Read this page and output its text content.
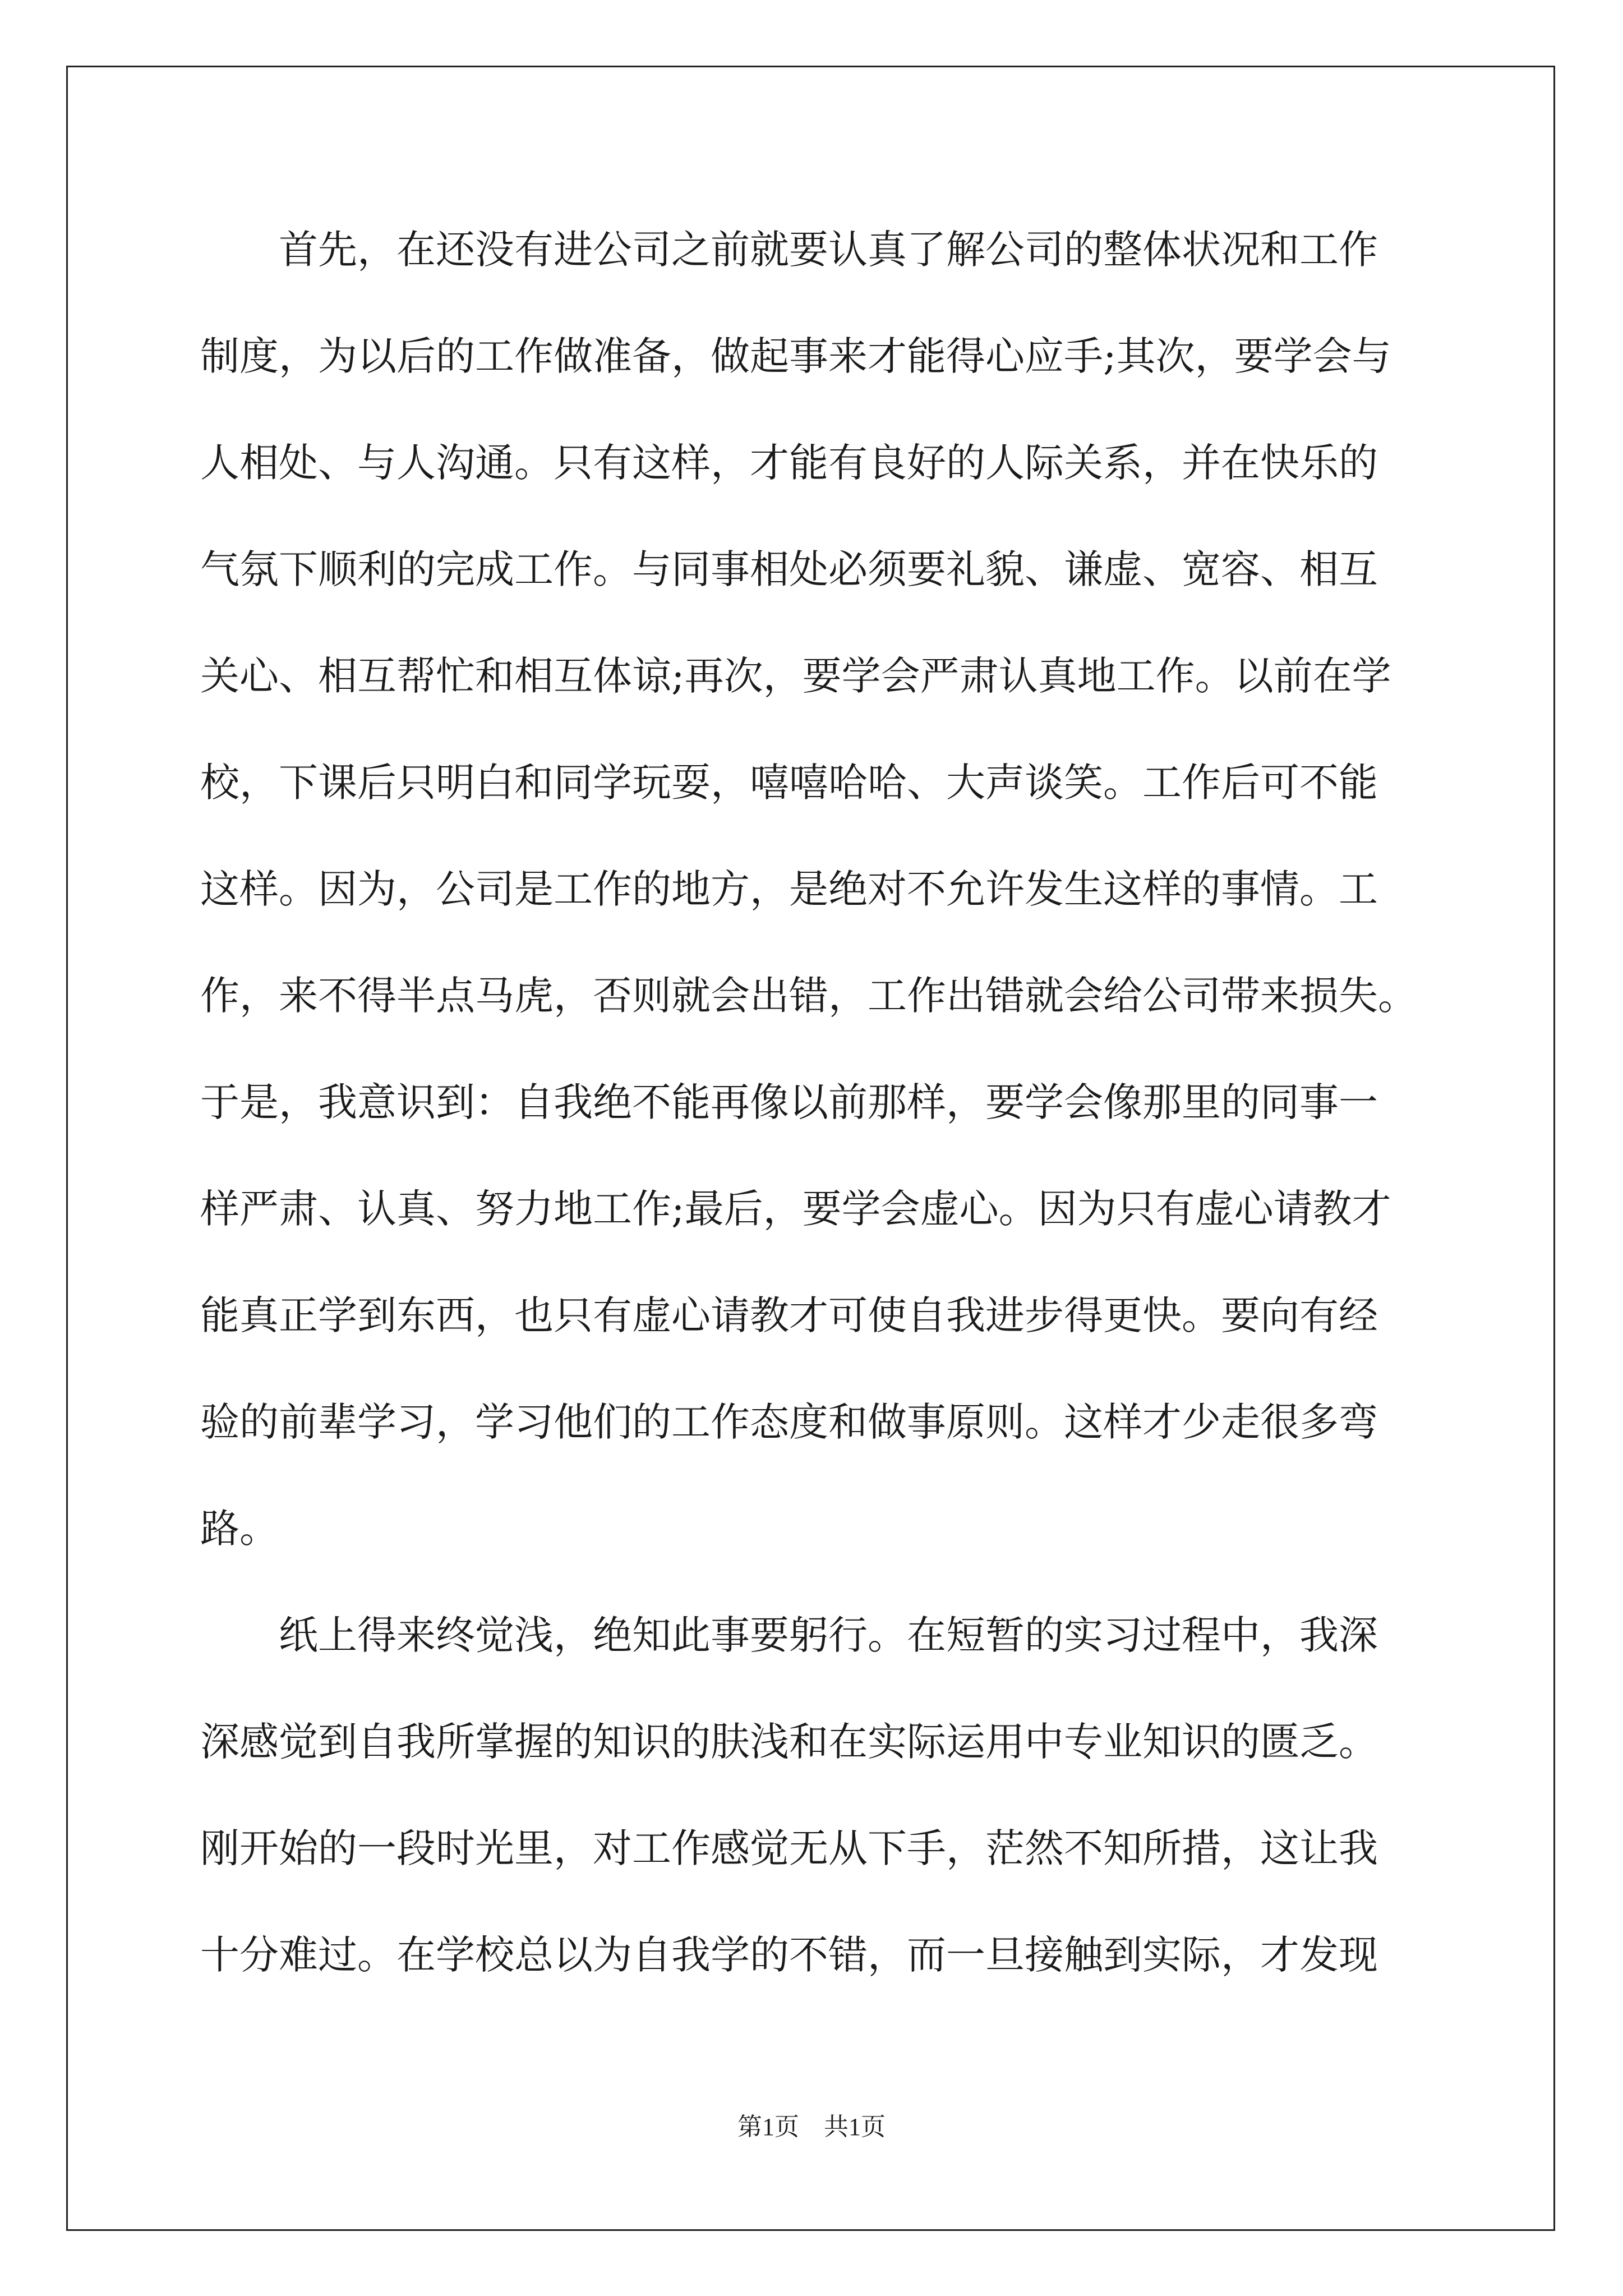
首先，在还没有进公司之前就要认真了解公司的整体状况和工作
制度，为以后的工作做准备，做起事来才能得心应手;其次，要学会与
人相处、与人沟通。只有这样，才能有良好的人际关系，并在快乐的
气氛下顺利的完成工作。与同事相处必须要礼貌、谦虚、宽容、相互
关心、相互帮忙和相互体谅;再次，要学会严肃认真地工作。以前在学
校，下课后只明白和同学玩耍，嘻嘻哈哈、大声谈笑。工作后可不能
这样。因为，公司是工作的地方，是绝对不允许发生这样的事情。工
作，来不得半点马虎，否则就会出错，工作出错就会给公司带来损失。
于是，我意识到：自我绝不能再像以前那样，要学会像那里的同事一
样严肃、认真、努力地工作;最后，要学会虚心。因为只有虚心请教才
能真正学到东西，也只有虚心请教才可使自我进步得更快。要向有经
验的前辈学习，学习他们的工作态度和做事原则。这样才少走很多弯
路。
纸上得来终觉浅，绝知此事要躬行。在短暂的实习过程中，我深
深感觉到自我所掌握的知识的肤浅和在实际运用中专业知识的匮乏。
刚开始的一段时光里，对工作感觉无从下手，茫然不知所措，这让我
十分难过。在学校总以为自我学的不错，而一旦接触到实际，才发现
第1页　共1页
